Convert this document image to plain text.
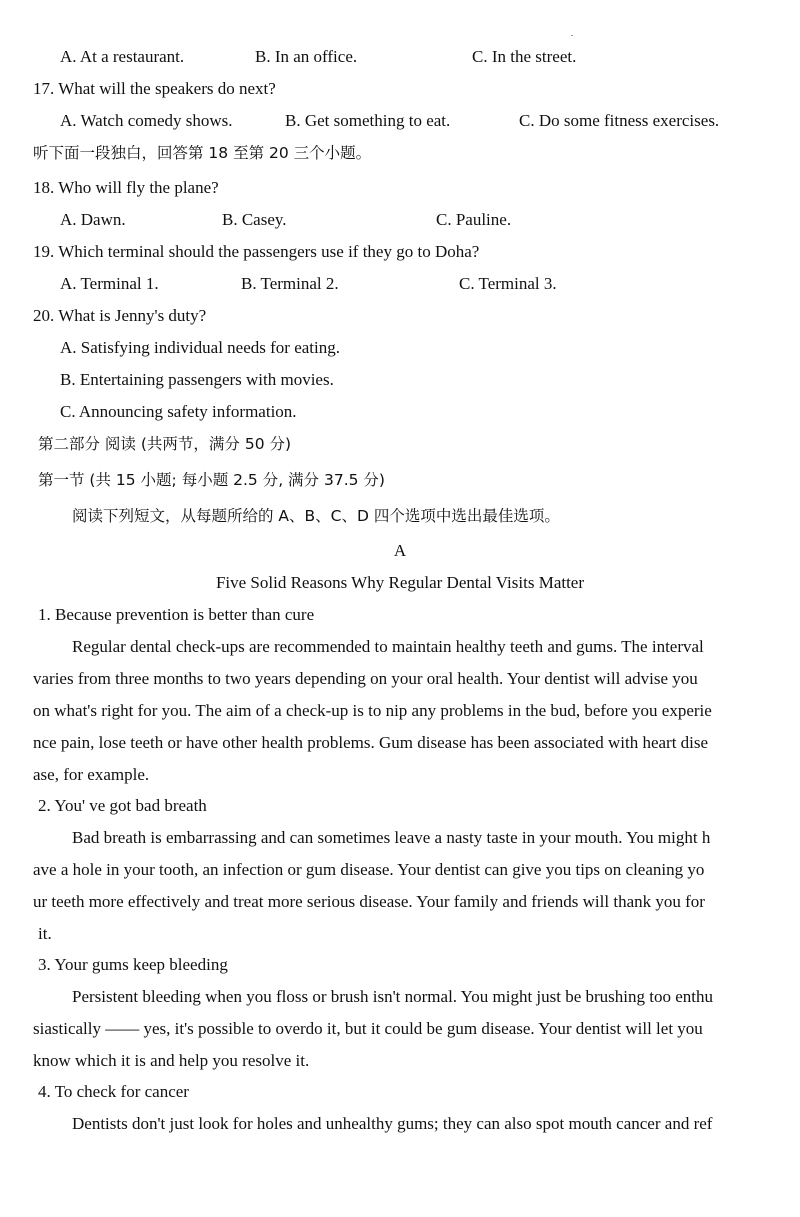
A. At a restaurant.	B. In an office.	C. In the street.
17. What will the speakers do next?
A. Watch comedy shows.	B. Get something to eat.	C. Do some fitness exercises.
听下面一段独白，回答第 18 至第 20 三个小题。
18. Who will fly the plane?
A. Dawn.	B. Casey.	C. Pauline.
19. Which terminal should the passengers use if they go to Doha?
A. Terminal 1.	B. Terminal 2.	C. Terminal 3.
20. What is Jenny's duty?
A. Satisfying individual needs for eating.
B. Entertaining passengers with movies.
C. Announcing safety information.
第二部分 阅读 (共两节，满分 50 分)
第一节 (共 15 小题; 每小题 2.5 分, 满分 37.5 分)
阅读下列短文，从每题所给的 A、B、C、D 四个选项中选出最佳选项。
A
Five Solid Reasons Why Regular Dental Visits Matter
1. Because prevention is better than cure
Regular dental check-ups are recommended to maintain healthy teeth and gums. The interval
varies from three months to two years depending on your oral health. Your dentist will advise you
on what's right for you. The aim of a check-up is to nip any problems in the bud, before you experie
nce pain, lose teeth or have other health problems. Gum disease has been associated with heart dise
ase, for example.
2. You' ve got bad breath
Bad breath is embarrassing and can sometimes leave a nasty taste in your mouth. You might h
ave a hole in your tooth, an infection or gum disease. Your dentist can give you tips on cleaning yo
ur teeth more effectively and treat more serious disease. Your family and friends will thank you for
it.
3. Your gums keep bleeding
Persistent bleeding when you floss or brush isn't normal. You might just be brushing too enthu
siastically —— yes, it's possible to overdo it, but it could be gum disease. Your dentist will let you
know which it is and help you resolve it.
4. To check for cancer
Dentists don't just look for holes and unhealthy gums; they can also spot mouth cancer and ref
